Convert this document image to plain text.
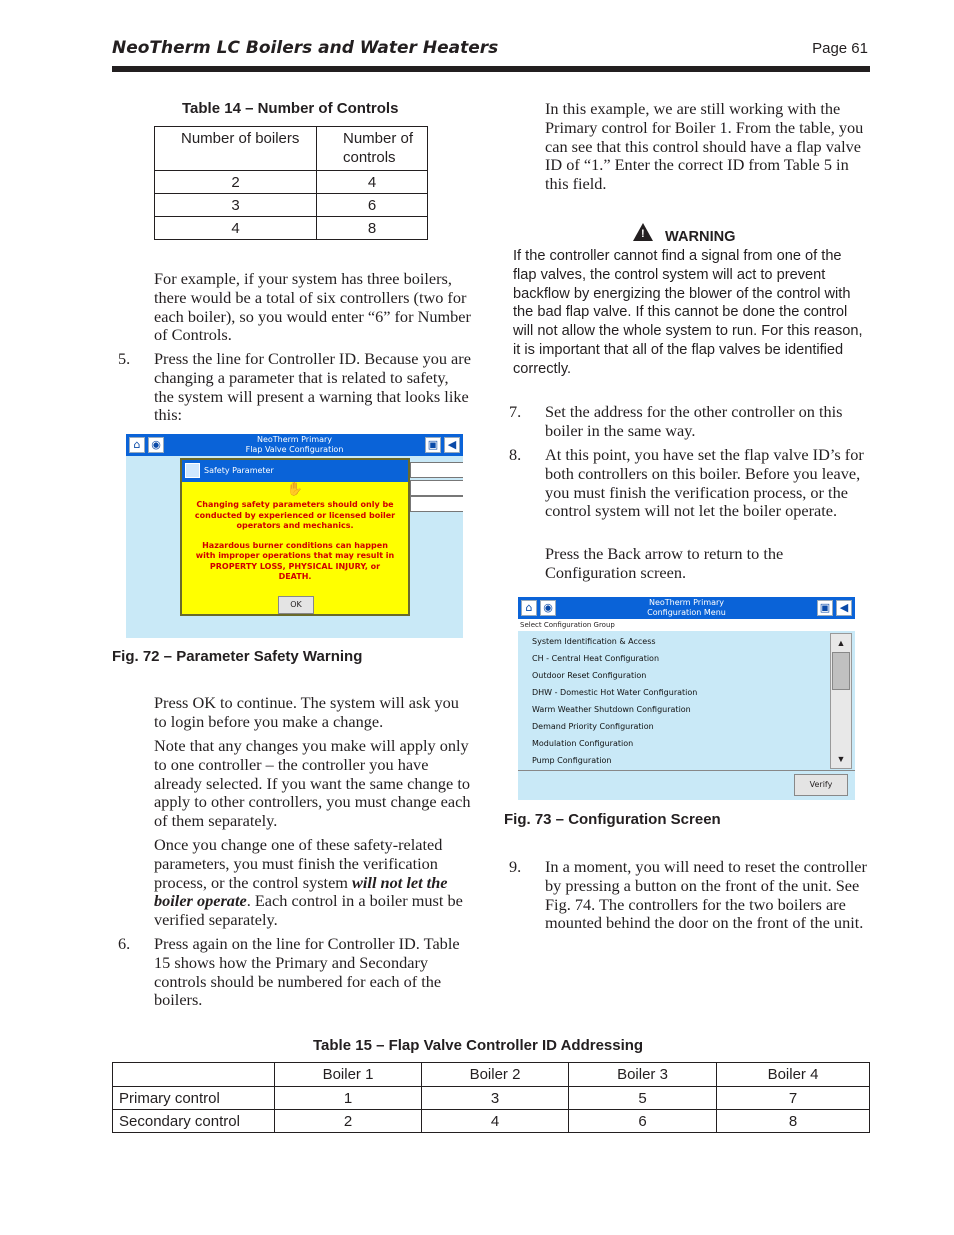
NeoTherm LC Boilers and Water Heaters	Page 61
Table 14 – Number of Controls
Number of boilers	Number of controls
2	4
3	6
4	8

For example, if your system has three boilers, there would be a total of six controllers (two for each boiler), so you would enter “6” for Number of Controls.

5. Press the line for Controller ID. Because you are changing a parameter that is related to safety, the system will present a warning that looks like this:

⌂ ◉	NeoTherm Primary
Flap Valve Configuration	▣ ◀
Safety Parameter
✋
Changing safety parameters should only be conducted by experienced or licensed boiler operators and mechanics.
Hazardous burner conditions can happen with improper operations that may result in PROPERTY LOSS, PHYSICAL INJURY, or DEATH.
OK
Fig. 72 – Parameter Safety Warning

Press OK to continue. The system will ask you to login before you make a change.

Note that any changes you make will apply only to one controller – the controller you have already selected. If you want the same change to apply to other controllers, you must change each of them separately.

Once you change one of these safety-related parameters, you must finish the verification process, or the control system will not let the boiler operate. Each control in a boiler must be verified separately.

6. Press again on the line for Controller ID. Table 15 shows how the Primary and Secondary controls should be numbered for each of the boilers.

In this example, we are still working with the Primary control for Boiler 1. From the table, you can see that this control should have a flap valve ID of “1.” Enter the correct ID from Table 5 in this field.

! WARNING

If the controller cannot find a signal from one of the flap valves, the control system will act to prevent backflow by energizing the blower of the control with the bad flap valve. If this cannot be done the control will not allow the whole system to run. For this reason, it is important that all of the flap valves be identified correctly.

7. Set the address for the other controller on this boiler in the same way.

8. At this point, you have set the flap valve ID’s for both controllers on this boiler. Before you leave, you must finish the verification process, or the control system will not let the boiler operate.

Press the Back arrow to return to the Configuration screen.

⌂ ◉	NeoTherm Primary
Configuration Menu	▣ ◀
Select Configuration Group
System Identification & Access
CH - Central Heat Configuration
Outdoor Reset Configuration
DHW - Domestic Hot Water Configuration
Warm Weather Shutdown Configuration
Demand Priority Configuration
Modulation Configuration
Pump Configuration
▲
▼
Verify
Fig. 73 – Configuration Screen
9. In a moment, you will need to reset the controller by pressing a button on the front of the unit. See Fig. 74. The controllers for the two boilers are mounted behind the door on the front of the unit.

Table 15 – Flap Valve Controller ID Addressing
	Boiler 1	Boiler 2	Boiler 3	Boiler 4
Primary control	1	3	5	7
Secondary control	2	4	6	8
